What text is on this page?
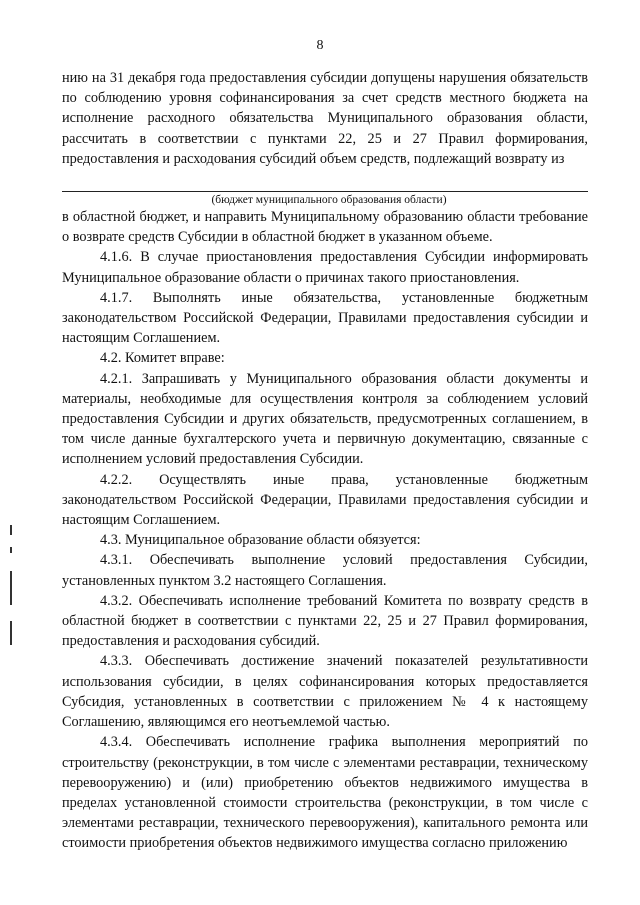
8

нию на 31 декабря года предоставления субсидии допущены нарушения обязательств по соблюдению уровня софинансирования за счет средств местного бюджета на исполнение расходного обязательства Муниципального образования области, рассчитать в соответствии с пунктами 22, 25 и 27 Правил формирования, предоставления и расходования субсидий объем средств, подлежащий возврату из

(бюджет муниципального образования области)

в областной бюджет, и направить Муниципальному образованию области требование о возврате средств Субсидии в областной бюджет в указанном объеме.

4.1.6. В случае приостановления предоставления Субсидии информировать Муниципальное образование области о причинах такого приостановления.

4.1.7. Выполнять иные обязательства, установленные бюджетным законодательством Российской Федерации, Правилами предоставления субсидии и настоящим Соглашением.

4.2. Комитет вправе:

4.2.1. Запрашивать у Муниципального образования области документы и материалы, необходимые для осуществления контроля за соблюдением условий предоставления Субсидии и других обязательств, предусмотренных соглашением, в том числе данные бухгалтерского учета и первичную документацию, связанные с исполнением условий предоставления Субсидии.

4.2.2. Осуществлять иные права, установленные бюджетным законодательством Российской Федерации, Правилами предоставления субсидии и настоящим Соглашением.

4.3. Муниципальное образование области обязуется:

4.3.1. Обеспечивать выполнение условий предоставления Субсидии, установленных пунктом 3.2 настоящего Соглашения.

4.3.2. Обеспечивать исполнение требований Комитета по возврату средств в областной бюджет в соответствии с пунктами 22, 25 и 27 Правил формирования, предоставления и расходования субсидий.

4.3.3. Обеспечивать достижение значений показателей результативности использования субсидии, в целях софинансирования которых предоставляется Субсидия, установленных в соответствии с приложением № 4 к настоящему Соглашению, являющимся его неотъемлемой частью.

4.3.4. Обеспечивать исполнение графика выполнения мероприятий по строительству (реконструкции, в том числе с элементами реставрации, техническому перевооружению) и (или) приобретению объектов недвижимого имущества в пределах установленной стоимости строительства (реконструкции, в том числе с элементами реставрации, технического перевооружения), капитального ремонта или стоимости приобретения объектов недвижимого имущества согласно приложению
